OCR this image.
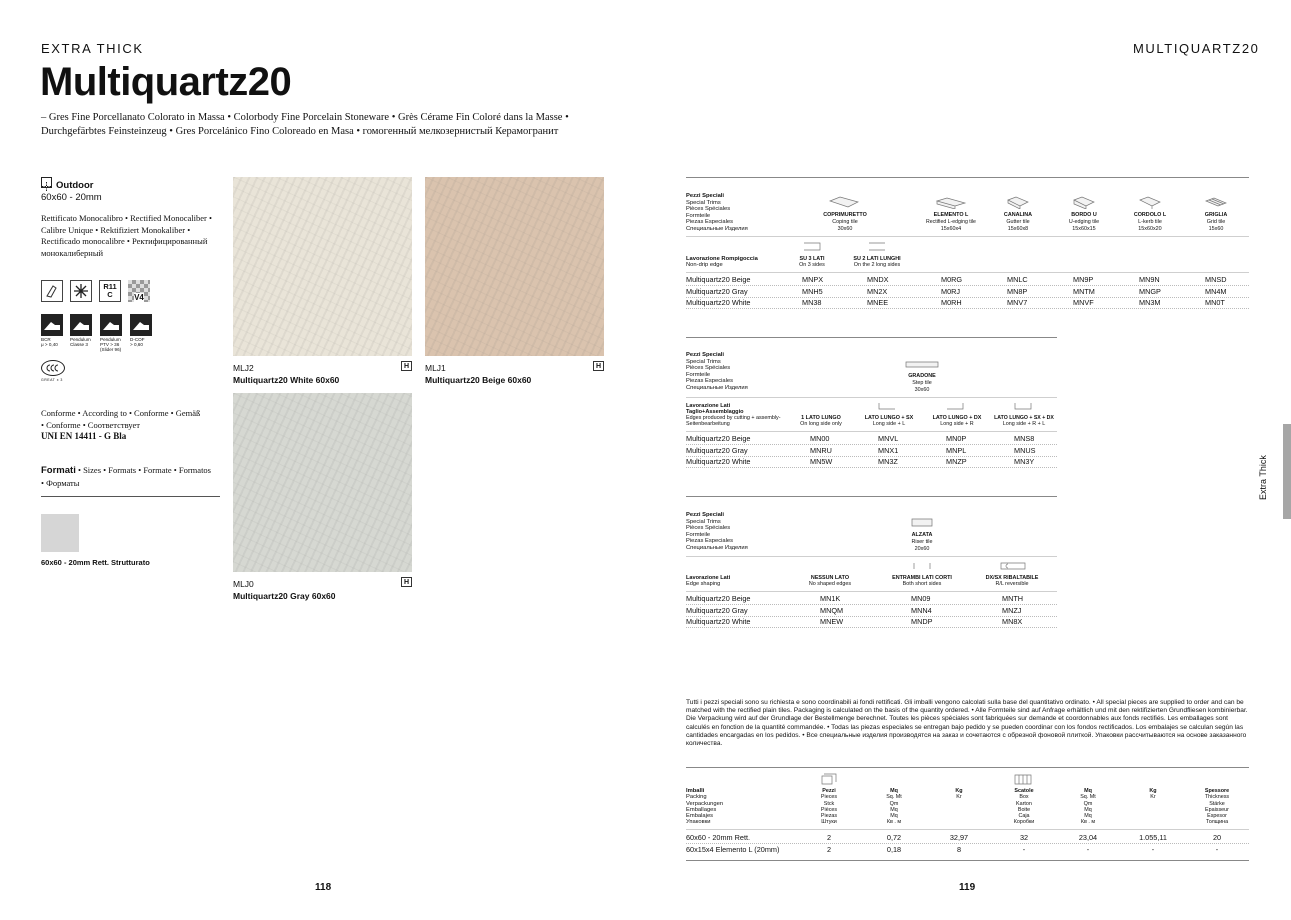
EXTRA THICK
Multiquartz20
– Gres Fine Porcellanato Colorato in Massa • Colorbody Fine Porcelain Stoneware • Grès Cérame Fin Coloré dans la Masse • Durchgefärbtes Feinsteinzeug • Gres Porcelánico Fino Coloreado en Masa • гомогенный мелкозернистый Керамогранит
Outdoor
60x60 - 20mm
Rettificato Monocalibro • Rectified Monocaliber • Calibre Unique • Rektifiziert Monokaliber • Rectificado monocalibre • Ректифицированный монокалиберный
R11
C	V4
BCR
μ > 0,40
Pendulum
Classe 3
Pendulum
PTV > 36
(Slider 96)
D-COF
> 0,60
GREAT x 3
Conforme • According to • Conforme • Gemäß • Conforme • Соответствует
UNI EN 14411 - G Bla
Formati • Sizes • Formats • Formate • Formatos • Форматы
60x60 - 20mm Rett. Strutturato
H
MLJ2
Multiquartz20 White 60x60
H
MLJ1
Multiquartz20 Beige 60x60
H
MLJ0
Multiquartz20 Gray 60x60
118
MULTIQUARTZ20
Extra Thick
Pezzi Speciali
Special Trims
Pièces Spéciales
Formteile
Piezas Especiales
Специальные Изделия
COPRIMURETTO
Coping tile
30x60
ELEMENTO L
Rectified L-edging tile
15x60x4
CANALINA
Gutter tile
15x60x8
BORDO U
U-edging tile
15x60x15
CORDOLO L
L-kerb tile
15x60x20
GRIGLIA
Grid tile
15x60
Lavorazione Rompigoccia
Non-drip edge
SU 3 LATI
On 3 sides
SU 2 LATI LUNGHI
On the 2 long sides
Multiquartz20 Beige	MNPX	MNDX	M0RG	MNLC	MN9P	MN9N	MNSD
Multiquartz20 Gray	MNH5	MN2X	M0RJ	MN8P	MNTM	MNGP	MN4M
Multiquartz20 White	MN38	MNEE	M0RH	MNV7	MNVF	MN3M	MN0T
Pezzi Speciali
Special Trims
Pièces Spéciales
Formteile
Piezas Especiales
Специальные Изделия
GRADONE
Step tile
30x60
Lavorazione Lati
Taglio+Assemblaggio
Edges produced by cutting + assembly-Seitenbearbeitung
1 LATO LUNGO
On long side only
LATO LUNGO + SX
Long side + L
LATO LUNGO + DX
Long side + R
LATO LUNGO + SX + DX
Long side + R + L
Multiquartz20 Beige	MN00	MNVL	MN0P	MNS8
Multiquartz20 Gray	MNRU	MNX1	MNPL	MNUS
Multiquartz20 White	MN5W	MN3Z	MNZP	MN3Y
Pezzi Speciali
Special Trims
Pièces Spéciales
Formteile
Piezas Especiales
Специальные Изделия
ALZATA
Riser tile
20x60
Lavorazione Lati
Edge shaping
NESSUN LATO
No shaped edges
ENTRAMBI LATI CORTI
Both short sides
DX/SX RIBALTABILE
R/L reversible
Multiquartz20 Beige	MN1K	MN09	MNTH
Multiquartz20 Gray	MNQM	MNN4	MNZJ
Multiquartz20 White	MNEW	MNDP	MN8X
Tutti i pezzi speciali sono su richiesta e sono coordinabili ai fondi rettificati. Gli imballi vengono calcolati sulla base del quantitativo ordinato. • All special pieces are supplied to order and can be matched with the rectified plain tiles. Packaging is calculated on the basis of the quantity ordered. • Alle Formteile sind auf Anfrage erhältlich und mit den rektifizierten Grundfliesen kombinierbar. Die Verpackung wird auf der Grundlage der Bestellmenge berechnet. Toutes les pièces spéciales sont fabriquées sur demande et coordonnables aux fonds rectifiés. Les emballages sont calculés en fonction de la quantité commandée. • Todas las piezas especiales se entregan bajo pedido y se pueden coordinar con los fondos rectificados. Los embalajes se calculan según las cantidades encargadas en los pedidos. • Все специальные изделия производятся на заказ и сочетаются с обрезной фоновой плиткой. Упаковки рассчитываются на основе заказанного количества.
Imballi
Packing
Verpackungen
Emballages
Embalajes
Упаковки
Pezzi
Pieces
Stck
Pièces
Piezas
Штуки
Mq
Sq. Mt
Qm
Mq
Mq
Кв . м
Kg
Kr
Scatole
Box
Karton
Boite
Caja
Коробки
Mq
Sq. Mt
Qm
Mq
Mq
Кв . м
Kg
Kr
Spessore
Thickness
Stärke
Epaisseur
Espesor
Толщина
60x60 - 20mm Rett.	2	0,72	32,97	32	23,04	1.055,11	20
60x15x4 Elemento L (20mm)	2	0,18	8	-	-	-	-
119
